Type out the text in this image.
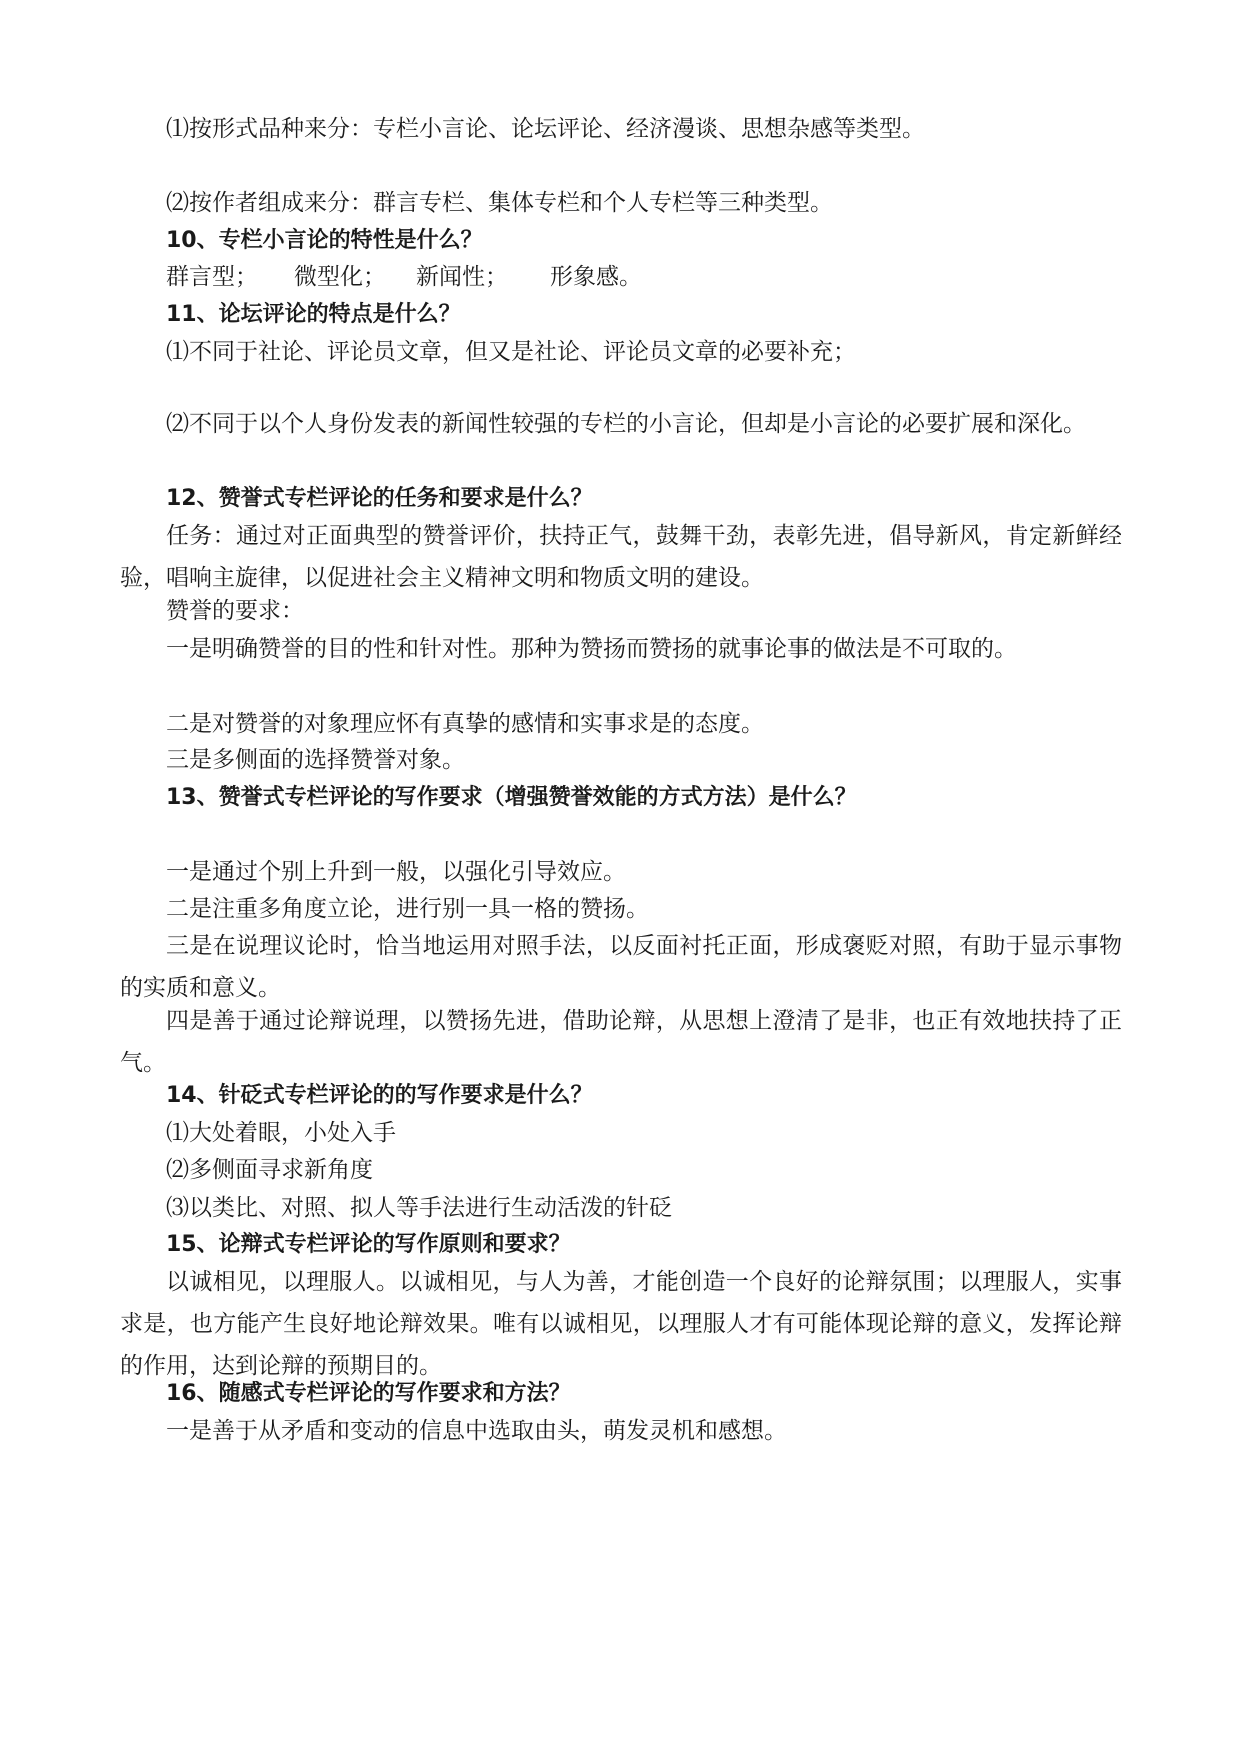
⑴按形式品种来分：专栏小言论、论坛评论、经济漫谈、思想杂感等类型。
⑵按作者组成来分：群言专栏、集体专栏和个人专栏等三种类型。
10、专栏小言论的特性是什么？
群言型； 微型化； 新闻性； 形象感。
11、论坛评论的特点是什么？
⑴不同于社论、评论员文章，但又是社论、评论员文章的必要补充；
⑵不同于以个人身份发表的新闻性较强的专栏的小言论，但却是小言论的必要扩展和深化。
12、赞誉式专栏评论的任务和要求是什么？
任务：通过对正面典型的赞誉评价，扶持正气，鼓舞干劲，表彰先进，倡导新风，肯定新鲜经验，唱响主旋律，以促进社会主义精神文明和物质文明的建设。
赞誉的要求：
一是明确赞誉的目的性和针对性。那种为赞扬而赞扬的就事论事的做法是不可取的。
二是对赞誉的对象理应怀有真挚的感情和实事求是的态度。
三是多侧面的选择赞誉对象。
13、赞誉式专栏评论的写作要求（增强赞誉效能的方式方法）是什么？
一是通过个别上升到一般，以强化引导效应。
二是注重多角度立论，进行别一具一格的赞扬。
三是在说理议论时，恰当地运用对照手法，以反面衬托正面，形成褒贬对照，有助于显示事物的实质和意义。
四是善于通过论辩说理，以赞扬先进，借助论辩，从思想上澄清了是非，也正有效地扶持了正气。
14、针砭式专栏评论的的写作要求是什么？
⑴大处着眼，小处入手
⑵多侧面寻求新角度
⑶以类比、对照、拟人等手法进行生动活泼的针砭
15、论辩式专栏评论的写作原则和要求？
以诚相见，以理服人。以诚相见，与人为善，才能创造一个良好的论辩氛围；以理服人，实事求是，也方能产生良好地论辩效果。唯有以诚相见，以理服人才有可能体现论辩的意义，发挥论辩的作用，达到论辩的预期目的。
16、随感式专栏评论的写作要求和方法？
一是善于从矛盾和变动的信息中选取由头，萌发灵机和感想。
